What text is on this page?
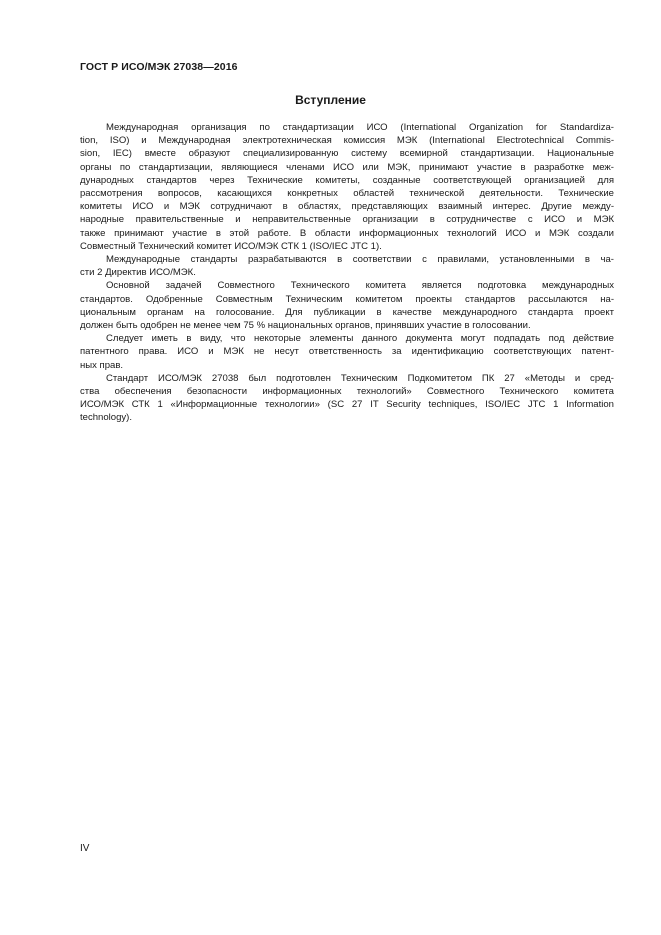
ГОСТ Р ИСО/МЭК 27038—2016
Вступление

Международная организация по стандартизации ИСО (International Organization for Standardiza-
tion, ISO) и Международная электротехническая комиссия МЭК (International Electrotechnical Commis-
sion, IEC) вместе образуют специализированную систему всемирной стандартизации. Национальные
органы по стандартизации, являющиеся членами ИСО или МЭК, принимают участие в разработке меж-
дународных стандартов через Технические комитеты, созданные соответствующей организацией для
рассмотрения вопросов, касающихся конкретных областей технической деятельности. Технические
комитеты ИСО и МЭК сотрудничают в областях, представляющих взаимный интерес. Другие между-
народные правительственные и неправительственные организации в сотрудничестве с ИСО и МЭК
также принимают участие в этой работе. В области информационных технологий ИСО и МЭК создали
Совместный Технический комитет ИСО/МЭК СТК 1 (ISO/IEC JTC 1).

Международные стандарты разрабатываются в соответствии с правилами, установленными в ча-
сти 2 Директив ИСО/МЭК.

Основной задачей Совместного Технического комитета является подготовка международных
стандартов. Одобренные Совместным Техническим комитетом проекты стандартов рассылаются на-
циональным органам на голосование. Для публикации в качестве международного стандарта проект
должен быть одобрен не менее чем 75 % национальных органов, принявших участие в голосовании.

Следует иметь в виду, что некоторые элементы данного документа могут подпадать под действие
патентного права. ИСО и МЭК не несут ответственность за идентификацию соответствующих патент-
ных прав.

Стандарт ИСО/МЭК 27038 был подготовлен Техническим Подкомитетом ПК 27 «Методы и сред-
ства обеспечения безопасности информационных технологий» Совместного Технического комитета
ИСО/МЭК СТК 1 «Информационные технологии» (SC 27 IT Security techniques, ISO/IEC JTC 1 Information
technology).

IV
